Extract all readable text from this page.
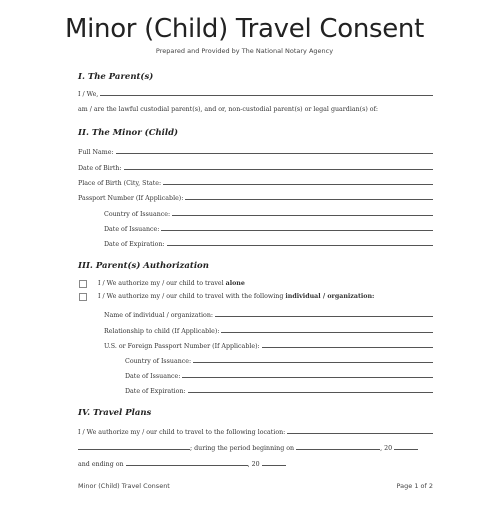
Minor (Child) Travel Consent
Prepared and Provided by The National Notary Agency
I. The Parent(s)
I / We,
am / are the lawful custodial parent(s), and or, non-custodial parent(s) or legal guardian(s) of:
II. The Minor (Child)
Full Name:
Date of Birth:
Place of Birth (City, State:
Passport Number (If Applicable):
Country of Issuance:
Date of Issuance:
Date of Expiration:
III. Parent(s) Authorization
I / We authorize my / our child to travel alone
I / We authorize my / our child to travel with the following individual / organization:
Name of individual / organization:
Relationship to child (If Applicable):
U.S. or Foreign Passport Number (If Applicable):
Country of Issuance:
Date of Issuance:
Date of Expiration:
IV. Travel Plans
I / We authorize my / our child to travel to the following location:
; during the period beginning on	, 20
and ending on	, 20
Minor (Child) Travel Consent	Page 1 of 2
